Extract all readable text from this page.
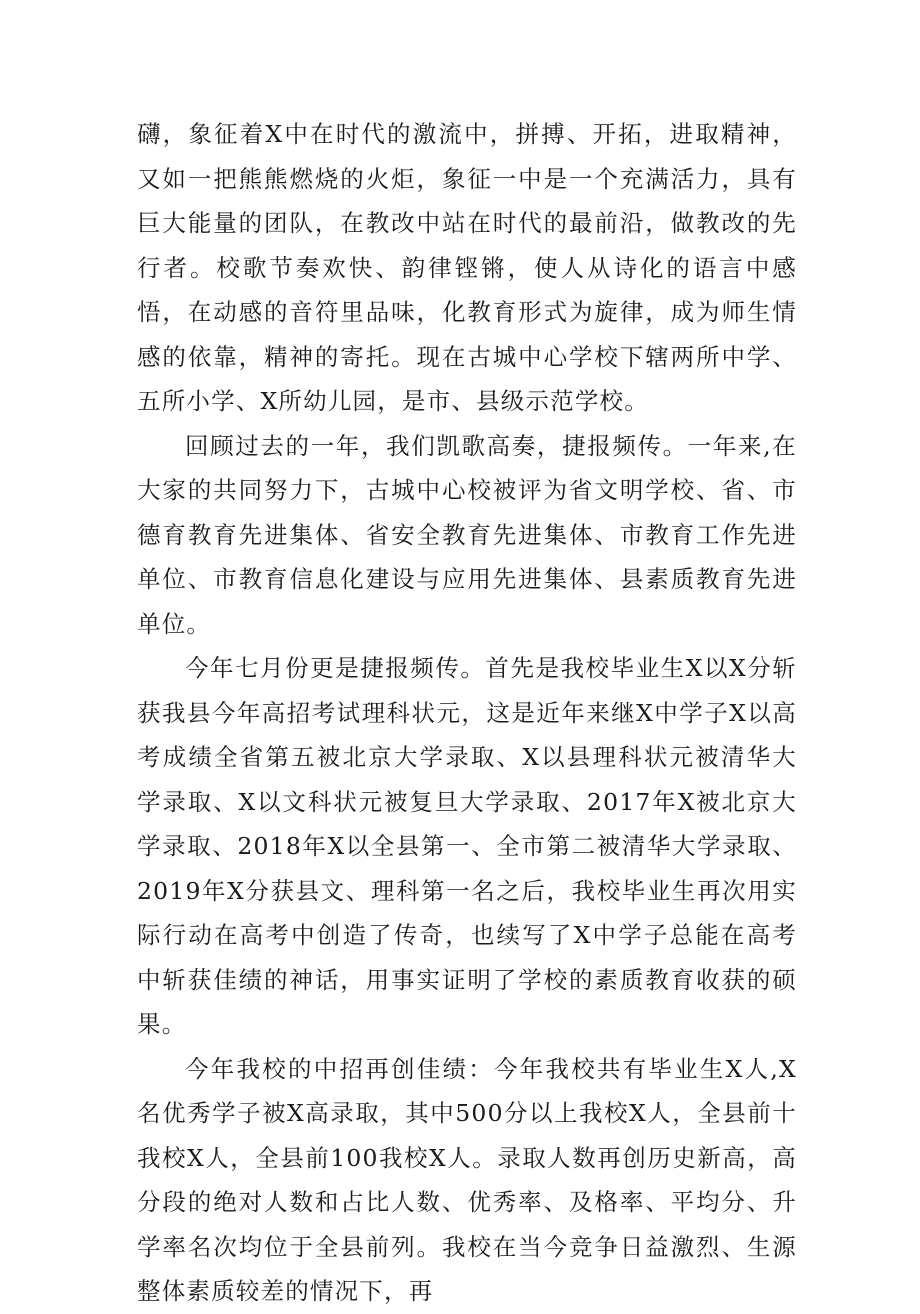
礴，象征着X中在时代的激流中，拼搏、开拓，进取精神，又如一把熊熊燃烧的火炬，象征一中是一个充满活力，具有巨大能量的团队，在教改中站在时代的最前沿，做教改的先行者。校歌节奏欢快、韵律铿锵，使人从诗化的语言中感悟，在动感的音符里品味，化教育形式为旋律，成为师生情感的依靠，精神的寄托。现在古城中心学校下辖两所中学、五所小学、X所幼儿园，是市、县级示范学校。

回顾过去的一年，我们凯歌高奏，捷报频传。一年来,在大家的共同努力下，古城中心校被评为省文明学校、省、市德育教育先进集体、省安全教育先进集体、市教育工作先进单位、市教育信息化建设与应用先进集体、县素质教育先进单位。

今年七月份更是捷报频传。首先是我校毕业生X以X分斩获我县今年高招考试理科状元，这是近年来继X中学子X以高考成绩全省第五被北京大学录取、X以县理科状元被清华大学录取、X以文科状元被复旦大学录取、2017年X被北京大学录取、2018年X以全县第一、全市第二被清华大学录取、2019年X分获县文、理科第一名之后，我校毕业生再次用实际行动在高考中创造了传奇，也续写了X中学子总能在高考中斩获佳绩的神话，用事实证明了学校的素质教育收获的硕果。

今年我校的中招再创佳绩：今年我校共有毕业生X人,X名优秀学子被X高录取，其中500分以上我校X人，全县前十我校X人，全县前100我校X人。录取人数再创历史新高，高分段的绝对人数和占比人数、优秀率、及格率、平均分、升学率名次均位于全县前列。我校在当今竞争日益激烈、生源整体素质较差的情况下，再
